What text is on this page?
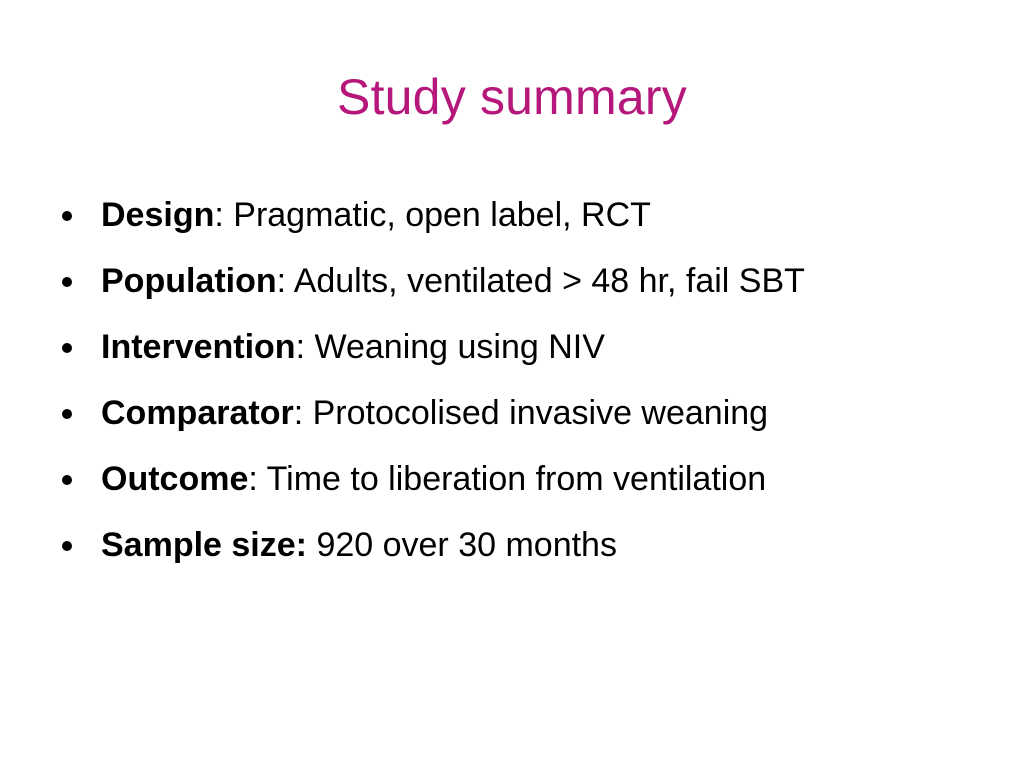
Study summary
Design: Pragmatic, open label, RCT
Population: Adults, ventilated > 48 hr, fail SBT
Intervention: Weaning using NIV
Comparator: Protocolised invasive weaning
Outcome: Time to liberation from ventilation
Sample size: 920 over 30 months
